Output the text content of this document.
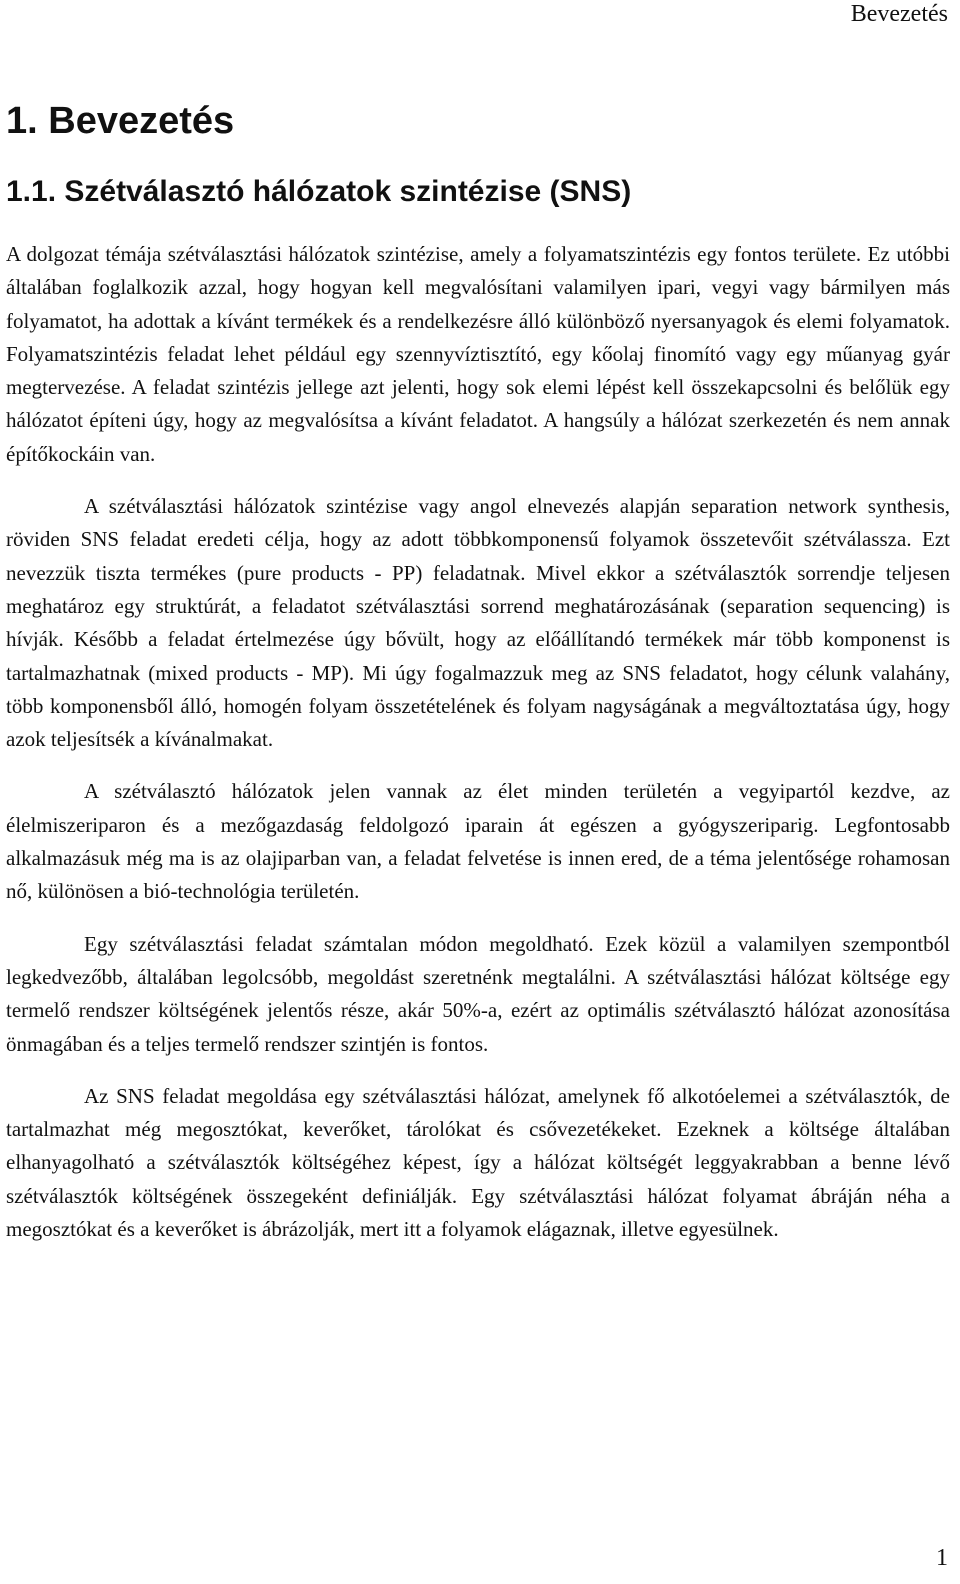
Bevezetés
1. Bevezetés
1.1. Szétválasztó hálózatok szintézise (SNS)

A dolgozat témája szétválasztási hálózatok szintézise, amely a folyamatszintézis egy fontos területe. Ez utóbbi általában foglalkozik azzal, hogy hogyan kell megvalósítani valamilyen ipari, vegyi vagy bármilyen más folyamatot, ha adottak a kívánt termékek és a rendelkezésre álló különböző nyersanyagok és elemi folyamatok. Folyamatszintézis feladat lehet például egy szennyvíztisztító, egy kőolaj finomító vagy egy műanyag gyár megtervezése. A feladat szintézis jellege azt jelenti, hogy sok elemi lépést kell összekapcsolni és belőlük egy hálózatot építeni úgy, hogy az megvalósítsa a kívánt feladatot. A hangsúly a hálózat szerkezetén és nem annak építőkockáin van.

A szétválasztási hálózatok szintézise vagy angol elnevezés alapján separation network synthesis, röviden SNS feladat eredeti célja, hogy az adott többkomponensű folyamok összetevőit szétválassza. Ezt nevezzük tiszta termékes (pure products - PP) feladatnak. Mivel ekkor a szétválasztók sorrendje teljesen meghatároz egy struktúrát, a feladatot szétválasztási sorrend meghatározásának (separation sequencing) is hívják. Később a feladat értelmezése úgy bővült, hogy az előállítandó termékek már több komponenst is tartalmazhatnak (mixed products - MP). Mi úgy fogalmazzuk meg az SNS feladatot, hogy célunk valahány, több komponensből álló, homogén folyam összetételének és folyam nagyságának a megváltoztatása úgy, hogy azok teljesítsék a kívánalmakat.

A szétválasztó hálózatok jelen vannak az élet minden területén a vegyipartól kezdve, az élelmiszeriparon és a mezőgazdaság feldolgozó iparain át egészen a gyógyszeriparig. Legfontosabb alkalmazásuk még ma is az olajiparban van, a feladat felvetése is innen ered, de a téma jelentősége rohamosan nő, különösen a bió-technológia területén.

Egy szétválasztási feladat számtalan módon megoldható. Ezek közül a valamilyen szempontból legkedvezőbb, általában legolcsóbb, megoldást szeretnénk megtalálni. A szétválasztási hálózat költsége egy termelő rendszer költségének jelentős része, akár 50%-a, ezért az optimális szétválasztó hálózat azonosítása önmagában és a teljes termelő rendszer szintjén is fontos.

Az SNS feladat megoldása egy szétválasztási hálózat, amelynek fő alkotóelemei a szétválasztók, de tartalmazhat még megosztókat, keverőket, tárolókat és csővezetékeket. Ezeknek a költsége általában elhanyagolható a szétválasztók költségéhez képest, így a hálózat költségét leggyakrabban a benne lévő szétválasztók költségének összegeként definiálják. Egy szétválasztási hálózat folyamat ábráján néha a megosztókat és a keverőket is ábrázolják, mert itt a folyamok elágaznak, illetve egyesülnek.

1
